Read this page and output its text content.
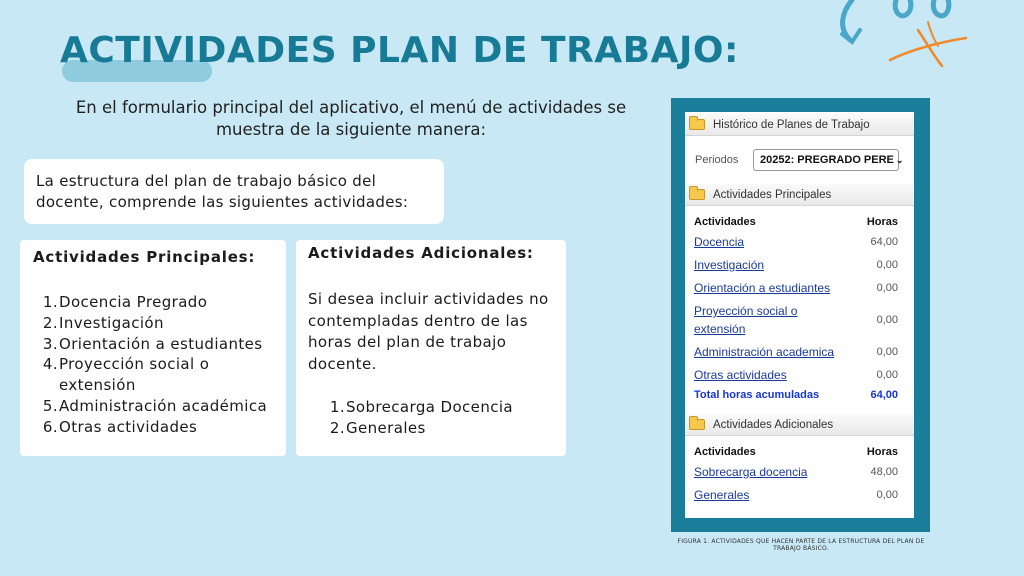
ACTIVIDADES PLAN DE TRABAJO:
En el formulario principal del aplicativo, el menú de actividades se muestra de la siguiente manera:
La estructura del plan de trabajo básico del docente, comprende las siguientes actividades:
Actividades Principales:
1. Docencia Pregrado
2. Investigación
3. Orientación a estudiantes
4. Proyección social o extensión
5. Administración académica
6. Otras actividades
Actividades Adicionales:

Si desea incluir actividades no contempladas dentro de las horas del plan de trabajo docente.

1. Sobrecarga Docencia
2. Generales
Histórico de Planes de Trabajo
Periodos	20252: PREGRADO PERE ⌄
Actividades Principales
Actividades	Horas
Docencia	64,00
Investigación	0,00
Orientación a estudiantes	0,00
Proyección social o extensión	0,00
Administración academica	0,00
Otras actividades	0,00
Total horas acumuladas	64,00
Actividades Adicionales
Actividades	Horas
Sobrecarga docencia	48,00
Generales	0,00
FIGURA 1. ACTIVIDADES QUE HACEN PARTE DE LA ESTRUCTURA DEL PLAN DE TRABAJO BÁSICO.
